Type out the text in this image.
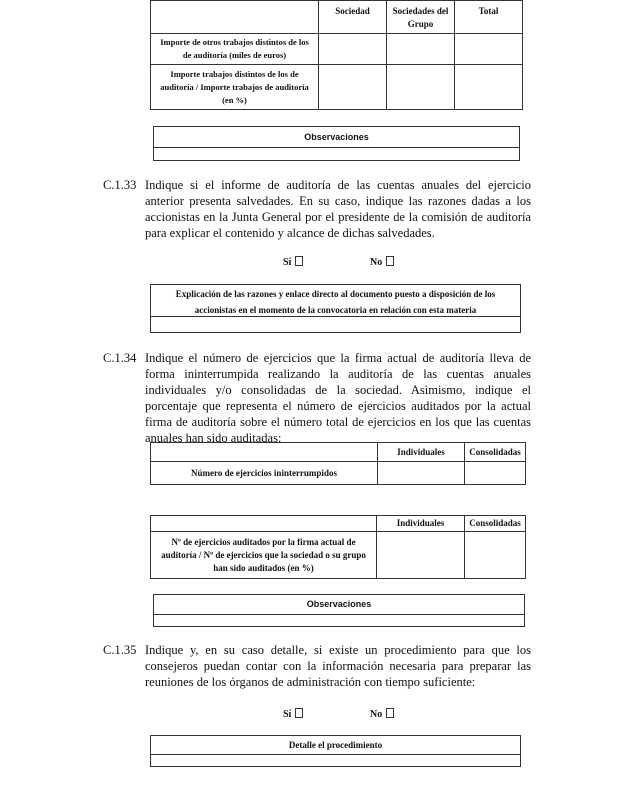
	Sociedad	Sociedades del Grupo	Total
Importe de otros trabajos distintos de los de auditoría (miles de euros)			
Importe trabajos distintos de los de auditoría / Importe trabajos de auditoría (en %)			
Observaciones
C.1.33 Indique si el informe de auditoría de las cuentas anuales del ejercicio anterior presenta salvedades. En su caso, indique las razones dadas a los accionistas en la Junta General por el presidente de la comisión de auditoría para explicar el contenido y alcance de dichas salvedades.
Sí	No
Explicación de las razones y enlace directo al documento puesto a disposición de los accionistas en el momento de la convocatoria en relación con esta materia
C.1.34 Indique el número de ejercicios que la firma actual de auditoría lleva de forma ininterrumpida realizando la auditoría de las cuentas anuales individuales y/o consolidadas de la sociedad. Asimismo, indique el porcentaje que representa el número de ejercicios auditados por la actual firma de auditoría sobre el número total de ejercicios en los que las cuentas anuales han sido auditadas:
	Individuales	Consolidadas
Número de ejercicios ininterrumpidos		
	Individuales	Consolidadas
Nº de ejercicios auditados por la firma actual de auditoría / Nº de ejercicios que la sociedad o su grupo han sido auditados (en %)		
Observaciones
C.1.35 Indique y, en su caso detalle, si existe un procedimiento para que los consejeros puedan contar con la información necesaria para preparar las reuniones de los órganos de administración con tiempo suficiente:
Sí	No
Detalle el procedimiento
